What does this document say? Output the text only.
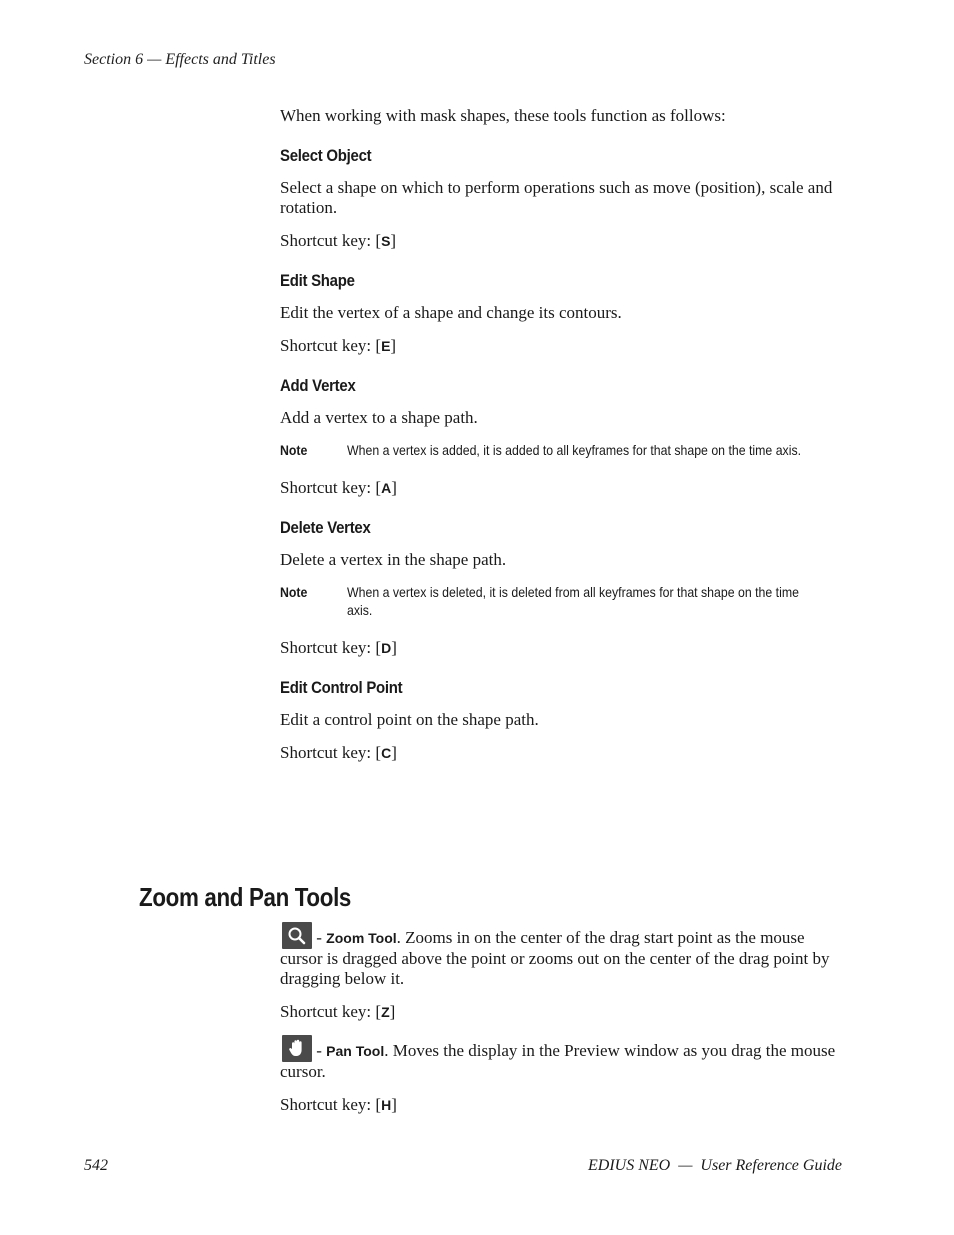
Section 6 — Effects and Titles

When working with mask shapes, these tools function as follows:

Select Object

Select a shape on which to perform operations such as move (position), scale and rotation.

Shortcut key: [S]

Edit Shape

Edit the vertex of a shape and change its contours.

Shortcut key: [E]

Add Vertex

Add a vertex to a shape path.

Note	When a vertex is added, it is added to all keyframes for that shape on the time axis.

Shortcut key: [A]

Delete Vertex

Delete a vertex in the shape path.

Note	When a vertex is deleted, it is deleted from all keyframes for that shape on the time axis.

Shortcut key: [D]

Edit Control Point

Edit a control point on the shape path.

Shortcut key: [C]

Zoom and Pan Tools

- Zoom Tool. Zooms in on the center of the drag start point as the mouse cursor is dragged above the point or zooms out on the center of the drag point by dragging below it.

Shortcut key: [Z]

- Pan Tool. Moves the display in the Preview window as you drag the mouse cursor.

Shortcut key: [H]

542	EDIUS NEO  —  User Reference Guide
